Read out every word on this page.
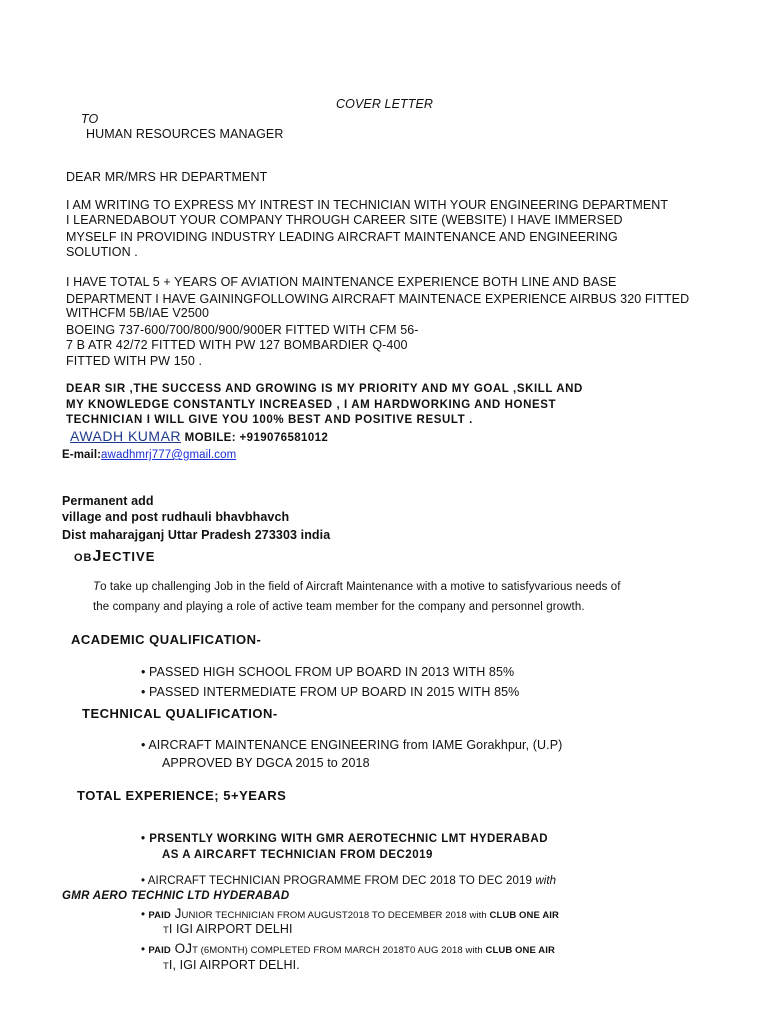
COVER LETTER
TO
HUMAN RESOURCES MANAGER
DEAR MR/MRS HR DEPARTMENT
I AM WRITING TO EXPRESS MY INTREST IN TECHNICIAN WITH YOUR ENGINEERING DEPARTMENT
I LEARNEDABOUT YOUR COMPANY THROUGH CAREER SITE (WEBSITE) I HAVE IMMERSED
MYSELF IN PROVIDING INDUSTRY LEADING AIRCRAFT MAINTENANCE AND ENGINEERING
SOLUTION .
I HAVE TOTAL 5 + YEARS OF AVIATION MAINTENANCE EXPERIENCE BOTH LINE AND BASE
DEPARTMENT I HAVE GAININGFOLLOWING AIRCRAFT MAINTENACE EXPERIENCE AIRBUS 320 FITTED
WITHCFM 5B/IAE V2500
BOEING 737-600/700/800/900/900ER FITTED WITH CFM 56-
7 B ATR 42/72 FITTED WITH PW 127 BOMBARDIER Q-400
FITTED WITH PW 150 .
DEAR SIR ,THE SUCCESS AND GROWING IS MY PRIORITY AND MY GOAL ,SKILL AND
MY KNOWLEDGE CONSTANTLY INCREASED , I AM HARDWORKING AND HONEST
TECHNICIAN I WILL GIVE YOU 100% BEST AND POSITIVE RESULT .
AWADH KUMAR MOBILE: +919076581012
E-mail:awadhmrj777@gmail.com
Permanent add
village and post rudhauli bhavbhavch
Dist maharajganj Uttar Pradesh 273303 india
OBJECTIVE
To take up challenging Job in the field of Aircraft Maintenance with a motive to satisfyvarious needs of
the company and playing a role of active team member for the company and personnel growth.
ACADEMIC QUALIFICATION-
• PASSED HIGH SCHOOL FROM UP BOARD IN 2013 WITH 85%
• PASSED INTERMEDIATE FROM UP BOARD IN 2015 WITH 85%
TECHNICAL QUALIFICATION-
• AIRCRAFT MAINTENANCE ENGINEERING from IAME Gorakhpur, (U.P)
APPROVED BY DGCA 2015 to 2018
TOTAL EXPERIENCE; 5+YEARS
• PRSENTLY WORKING WITH GMR AEROTECHNIC LMT HYDERABAD
AS A AIRCARFT TECHNICIAN FROM DEC2019
• AIRCRAFT TECHNICIAN PROGRAMME FROM DEC 2018 TO DEC 2019 with
GMR AERO TECHNIC LTD HYDERABAD
• PAID JUNIOR TECHNICIAN FROM AUGUST2018 TO DECEMBER 2018 with CLUB ONE AIR
TI IGI AIRPORT DELHI
• PAID OJT (6MONTH) COMPLETED FROM MARCH 2018T0 AUG 2018 with CLUB ONE AIR
TI, IGI AIRPORT DELHI.
